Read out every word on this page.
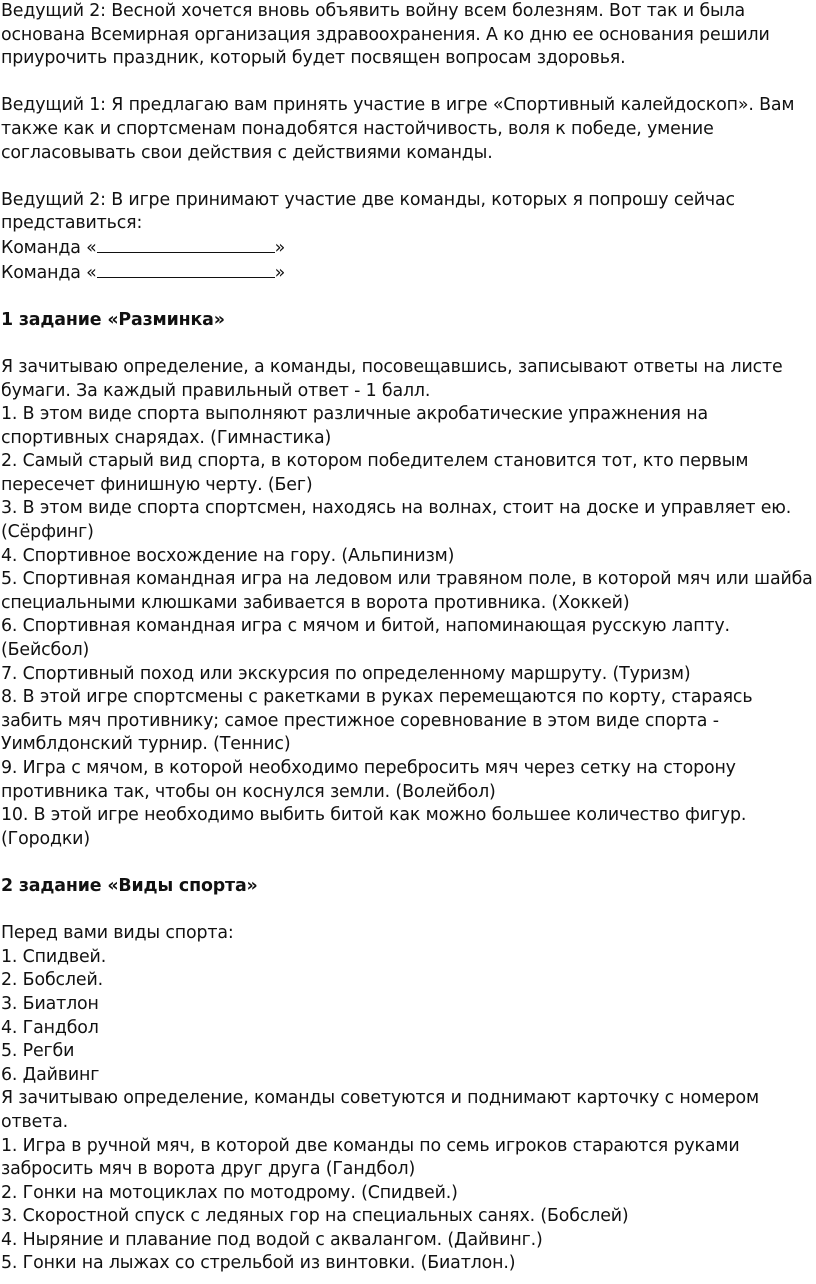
Ведущий 2: Весной хочется вновь объявить войну всем болезням. Вот так и была основана Всемирная организация здравоохранения. А ко дню ее основания решили приурочить праздник, который будет посвящен вопросам здоровья.

Ведущий 1: Я предлагаю вам принять участие в игре «Спортивный калейдоскоп». Вам также как и спортсменам понадобятся настойчивость, воля к победе, умение согласовывать свои действия с действиями команды.

Ведущий 2: В игре принимают участие две команды, которых я попрошу сейчас представиться:

Команда «	»

Команда «	»

1 задание «Разминка»

Я зачитываю определение, а команды, посовещавшись, записывают ответы на листе бумаги. За каждый правильный ответ - 1 балл.

1. В этом виде спорта выполняют различные акробатические упражнения на спортивных снарядах. (Гимнастика)

2. Самый старый вид спорта, в котором победителем становится тот, кто первым пересечет финишную черту. (Бег)

3. В этом виде спорта спортсмен, находясь на волнах, стоит на доске и управляет ею. (Сёрфинг)

4. Спортивное восхождение на гору. (Альпинизм)

5. Спортивная командная игра на ледовом или травяном поле, в которой мяч или шайба специальными клюшками забивается в ворота противника. (Хоккей)

6. Спортивная командная игра с мячом и битой, напоминающая русскую лапту. (Бейсбол)

7. Спортивный поход или экскурсия по определенному маршруту. (Туризм)

8. В этой игре спортсмены с ракетками в руках перемещаются по корту, стараясь забить мяч противнику; самое престижное соревнование в этом виде спорта - Уимблдонский турнир. (Теннис)

9. Игра с мячом, в которой необходимо перебросить мяч через сетку на сторону противника так, чтобы он коснулся земли. (Волейбол)

10. В этой игре необходимо выбить битой как можно большее количество фигур. (Городки)

2 задание «Виды спорта»

Перед вами виды спорта:

1. Спидвей.

2. Бобслей.

3. Биатлон

4. Гандбол

5. Регби

6. Дайвинг

Я зачитываю определение, команды советуются и поднимают карточку с номером ответа.

1. Игра в ручной мяч, в которой две команды по семь игроков стараются руками забросить мяч в ворота друг друга (Гандбол)

2. Гонки на мотоциклах по мотодрому. (Спидвей.)

3. Скоростной спуск с ледяных гор на специальных санях. (Бобслей)

4. Ныряние и плавание под водой с аквалангом. (Дайвинг.)

5. Гонки на лыжах со стрельбой из винтовки. (Биатлон.)
